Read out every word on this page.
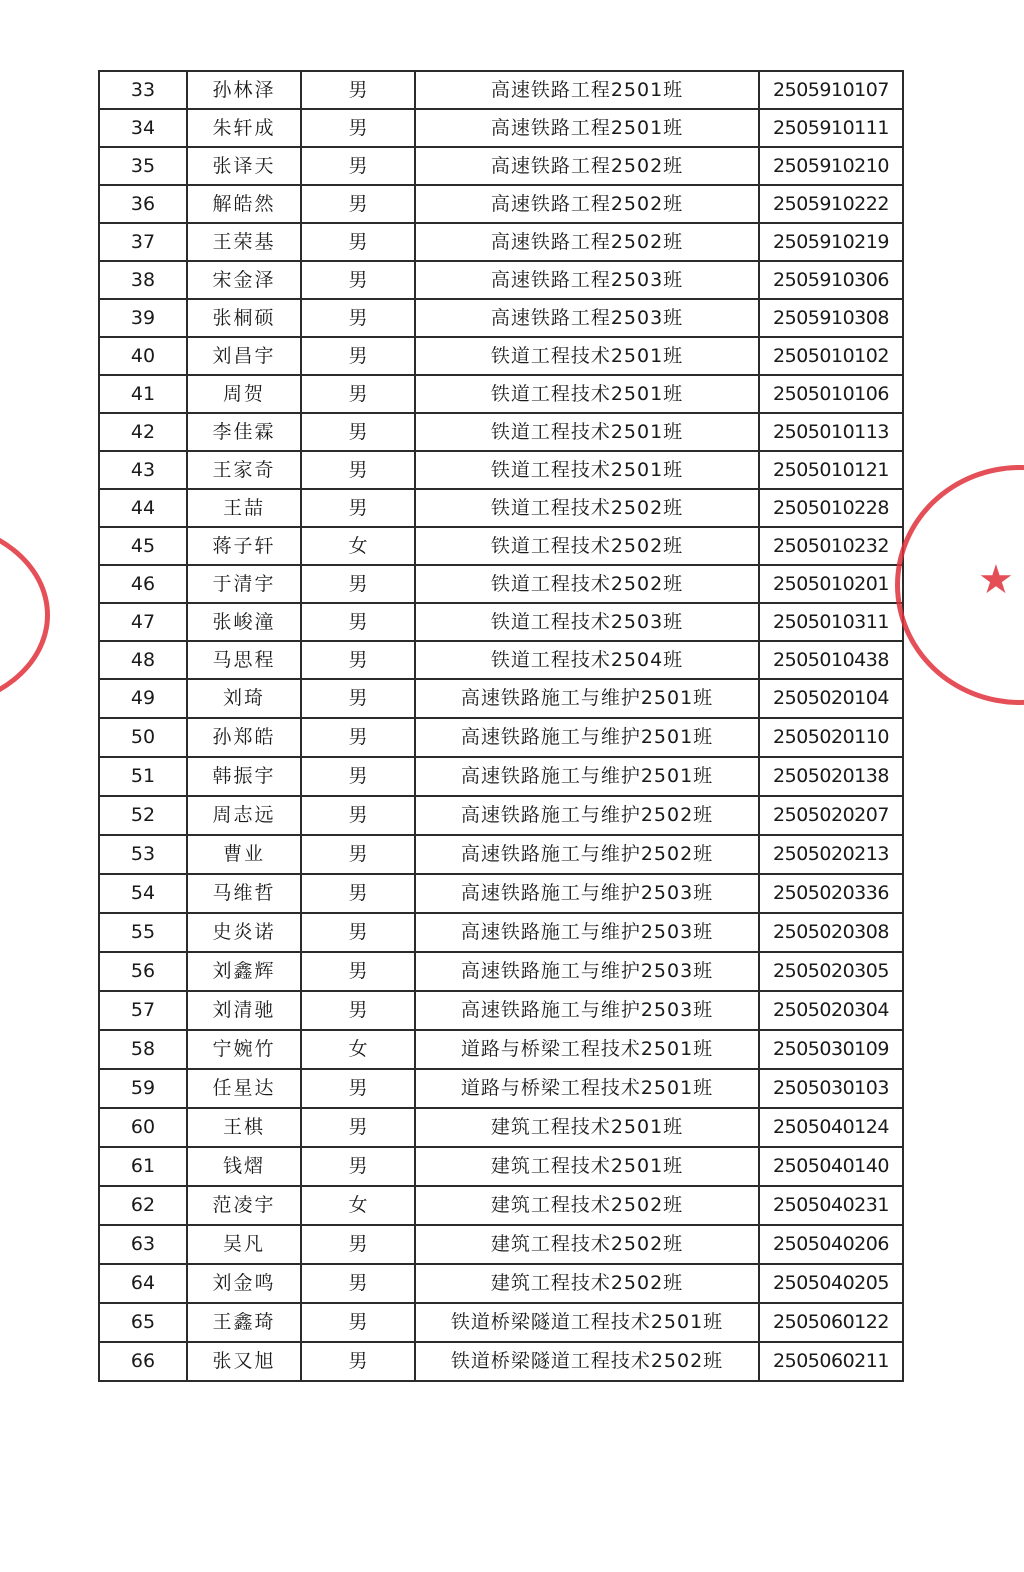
33	孙林泽	男	高速铁路工程2501班	2505910107
34	朱轩成	男	高速铁路工程2501班	2505910111
35	张译天	男	高速铁路工程2502班	2505910210
36	解皓然	男	高速铁路工程2502班	2505910222
37	王荣基	男	高速铁路工程2502班	2505910219
38	宋金泽	男	高速铁路工程2503班	2505910306
39	张桐硕	男	高速铁路工程2503班	2505910308
40	刘昌宇	男	铁道工程技术2501班	2505010102
41	周贺	男	铁道工程技术2501班	2505010106
42	李佳霖	男	铁道工程技术2501班	2505010113
43	王家奇	男	铁道工程技术2501班	2505010121
44	王喆	男	铁道工程技术2502班	2505010228
45	蒋子轩	女	铁道工程技术2502班	2505010232
46	于清宇	男	铁道工程技术2502班	2505010201
47	张峻潼	男	铁道工程技术2503班	2505010311
48	马思程	男	铁道工程技术2504班	2505010438
49	刘琦	男	高速铁路施工与维护2501班	2505020104
50	孙郑皓	男	高速铁路施工与维护2501班	2505020110
51	韩振宇	男	高速铁路施工与维护2501班	2505020138
52	周志远	男	高速铁路施工与维护2502班	2505020207
53	曹业	男	高速铁路施工与维护2502班	2505020213
54	马维哲	男	高速铁路施工与维护2503班	2505020336
55	史炎诺	男	高速铁路施工与维护2503班	2505020308
56	刘鑫辉	男	高速铁路施工与维护2503班	2505020305
57	刘清驰	男	高速铁路施工与维护2503班	2505020304
58	宁婉竹	女	道路与桥梁工程技术2501班	2505030109
59	任星达	男	道路与桥梁工程技术2501班	2505030103
60	王棋	男	建筑工程技术2501班	2505040124
61	钱熠	男	建筑工程技术2501班	2505040140
62	范凌宇	女	建筑工程技术2502班	2505040231
63	吴凡	男	建筑工程技术2502班	2505040206
64	刘金鸣	男	建筑工程技术2502班	2505040205
65	王鑫琦	男	铁道桥梁隧道工程技术2501班	2505060122
66	张又旭	男	铁道桥梁隧道工程技术2502班	2505060211
★
